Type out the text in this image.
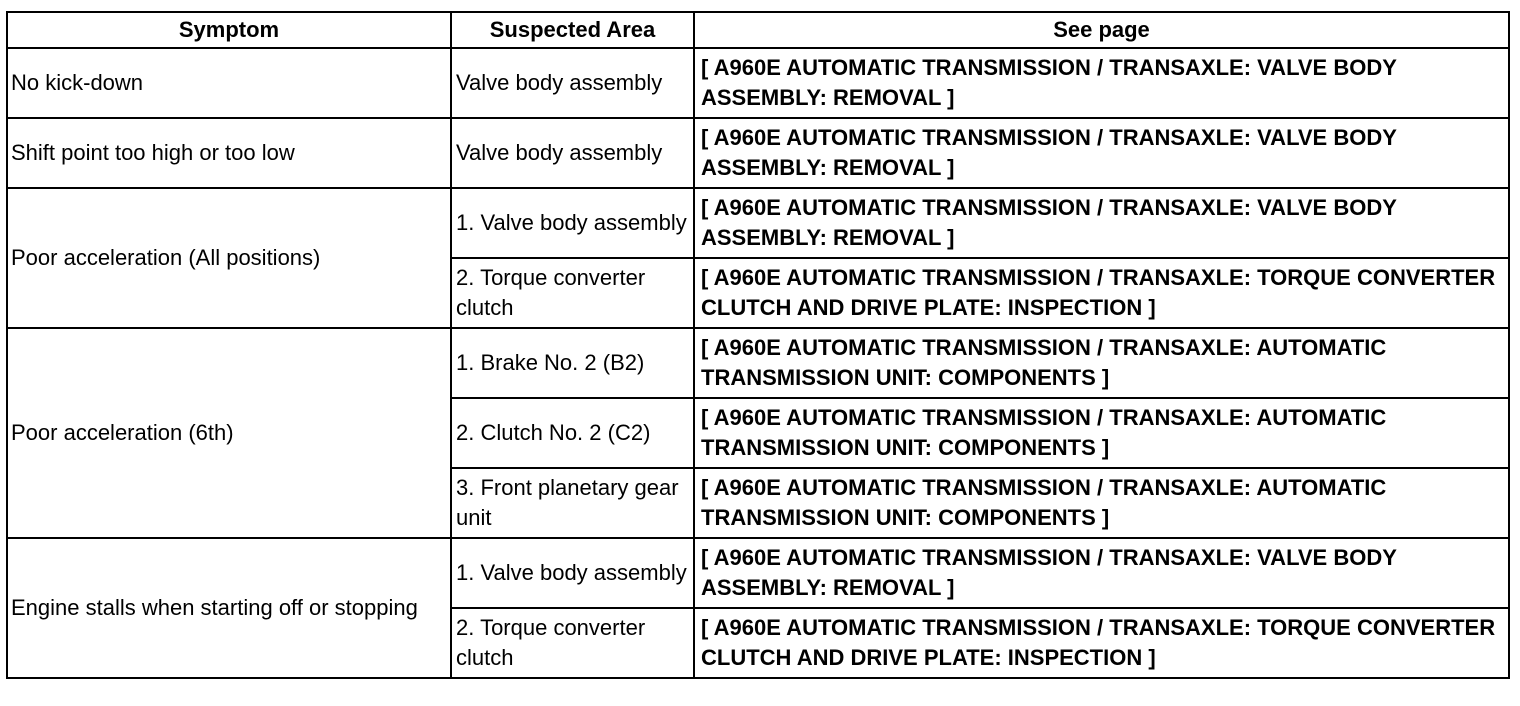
Symptom	Suspected Area	See page
No kick-down	Valve body assembly	[ A960E AUTOMATIC TRANSMISSION / TRANSAXLE: VALVE BODY ASSEMBLY: REMOVAL ]
Shift point too high or too low	Valve body assembly	[ A960E AUTOMATIC TRANSMISSION / TRANSAXLE: VALVE BODY ASSEMBLY: REMOVAL ]
Poor acceleration (All positions)	1. Valve body assembly	[ A960E AUTOMATIC TRANSMISSION / TRANSAXLE: VALVE BODY ASSEMBLY: REMOVAL ]
	2. Torque converter clutch	[ A960E AUTOMATIC TRANSMISSION / TRANSAXLE: TORQUE CONVERTER CLUTCH AND DRIVE PLATE: INSPECTION ]
Poor acceleration (6th)	1. Brake No. 2 (B2)	[ A960E AUTOMATIC TRANSMISSION / TRANSAXLE: AUTOMATIC TRANSMISSION UNIT: COMPONENTS ]
	2. Clutch No. 2 (C2)	[ A960E AUTOMATIC TRANSMISSION / TRANSAXLE: AUTOMATIC TRANSMISSION UNIT: COMPONENTS ]
	3. Front planetary gear unit	[ A960E AUTOMATIC TRANSMISSION / TRANSAXLE: AUTOMATIC TRANSMISSION UNIT: COMPONENTS ]
Engine stalls when starting off or stopping	1. Valve body assembly	[ A960E AUTOMATIC TRANSMISSION / TRANSAXLE: VALVE BODY ASSEMBLY: REMOVAL ]
	2. Torque converter clutch	[ A960E AUTOMATIC TRANSMISSION / TRANSAXLE: TORQUE CONVERTER CLUTCH AND DRIVE PLATE: INSPECTION ]
